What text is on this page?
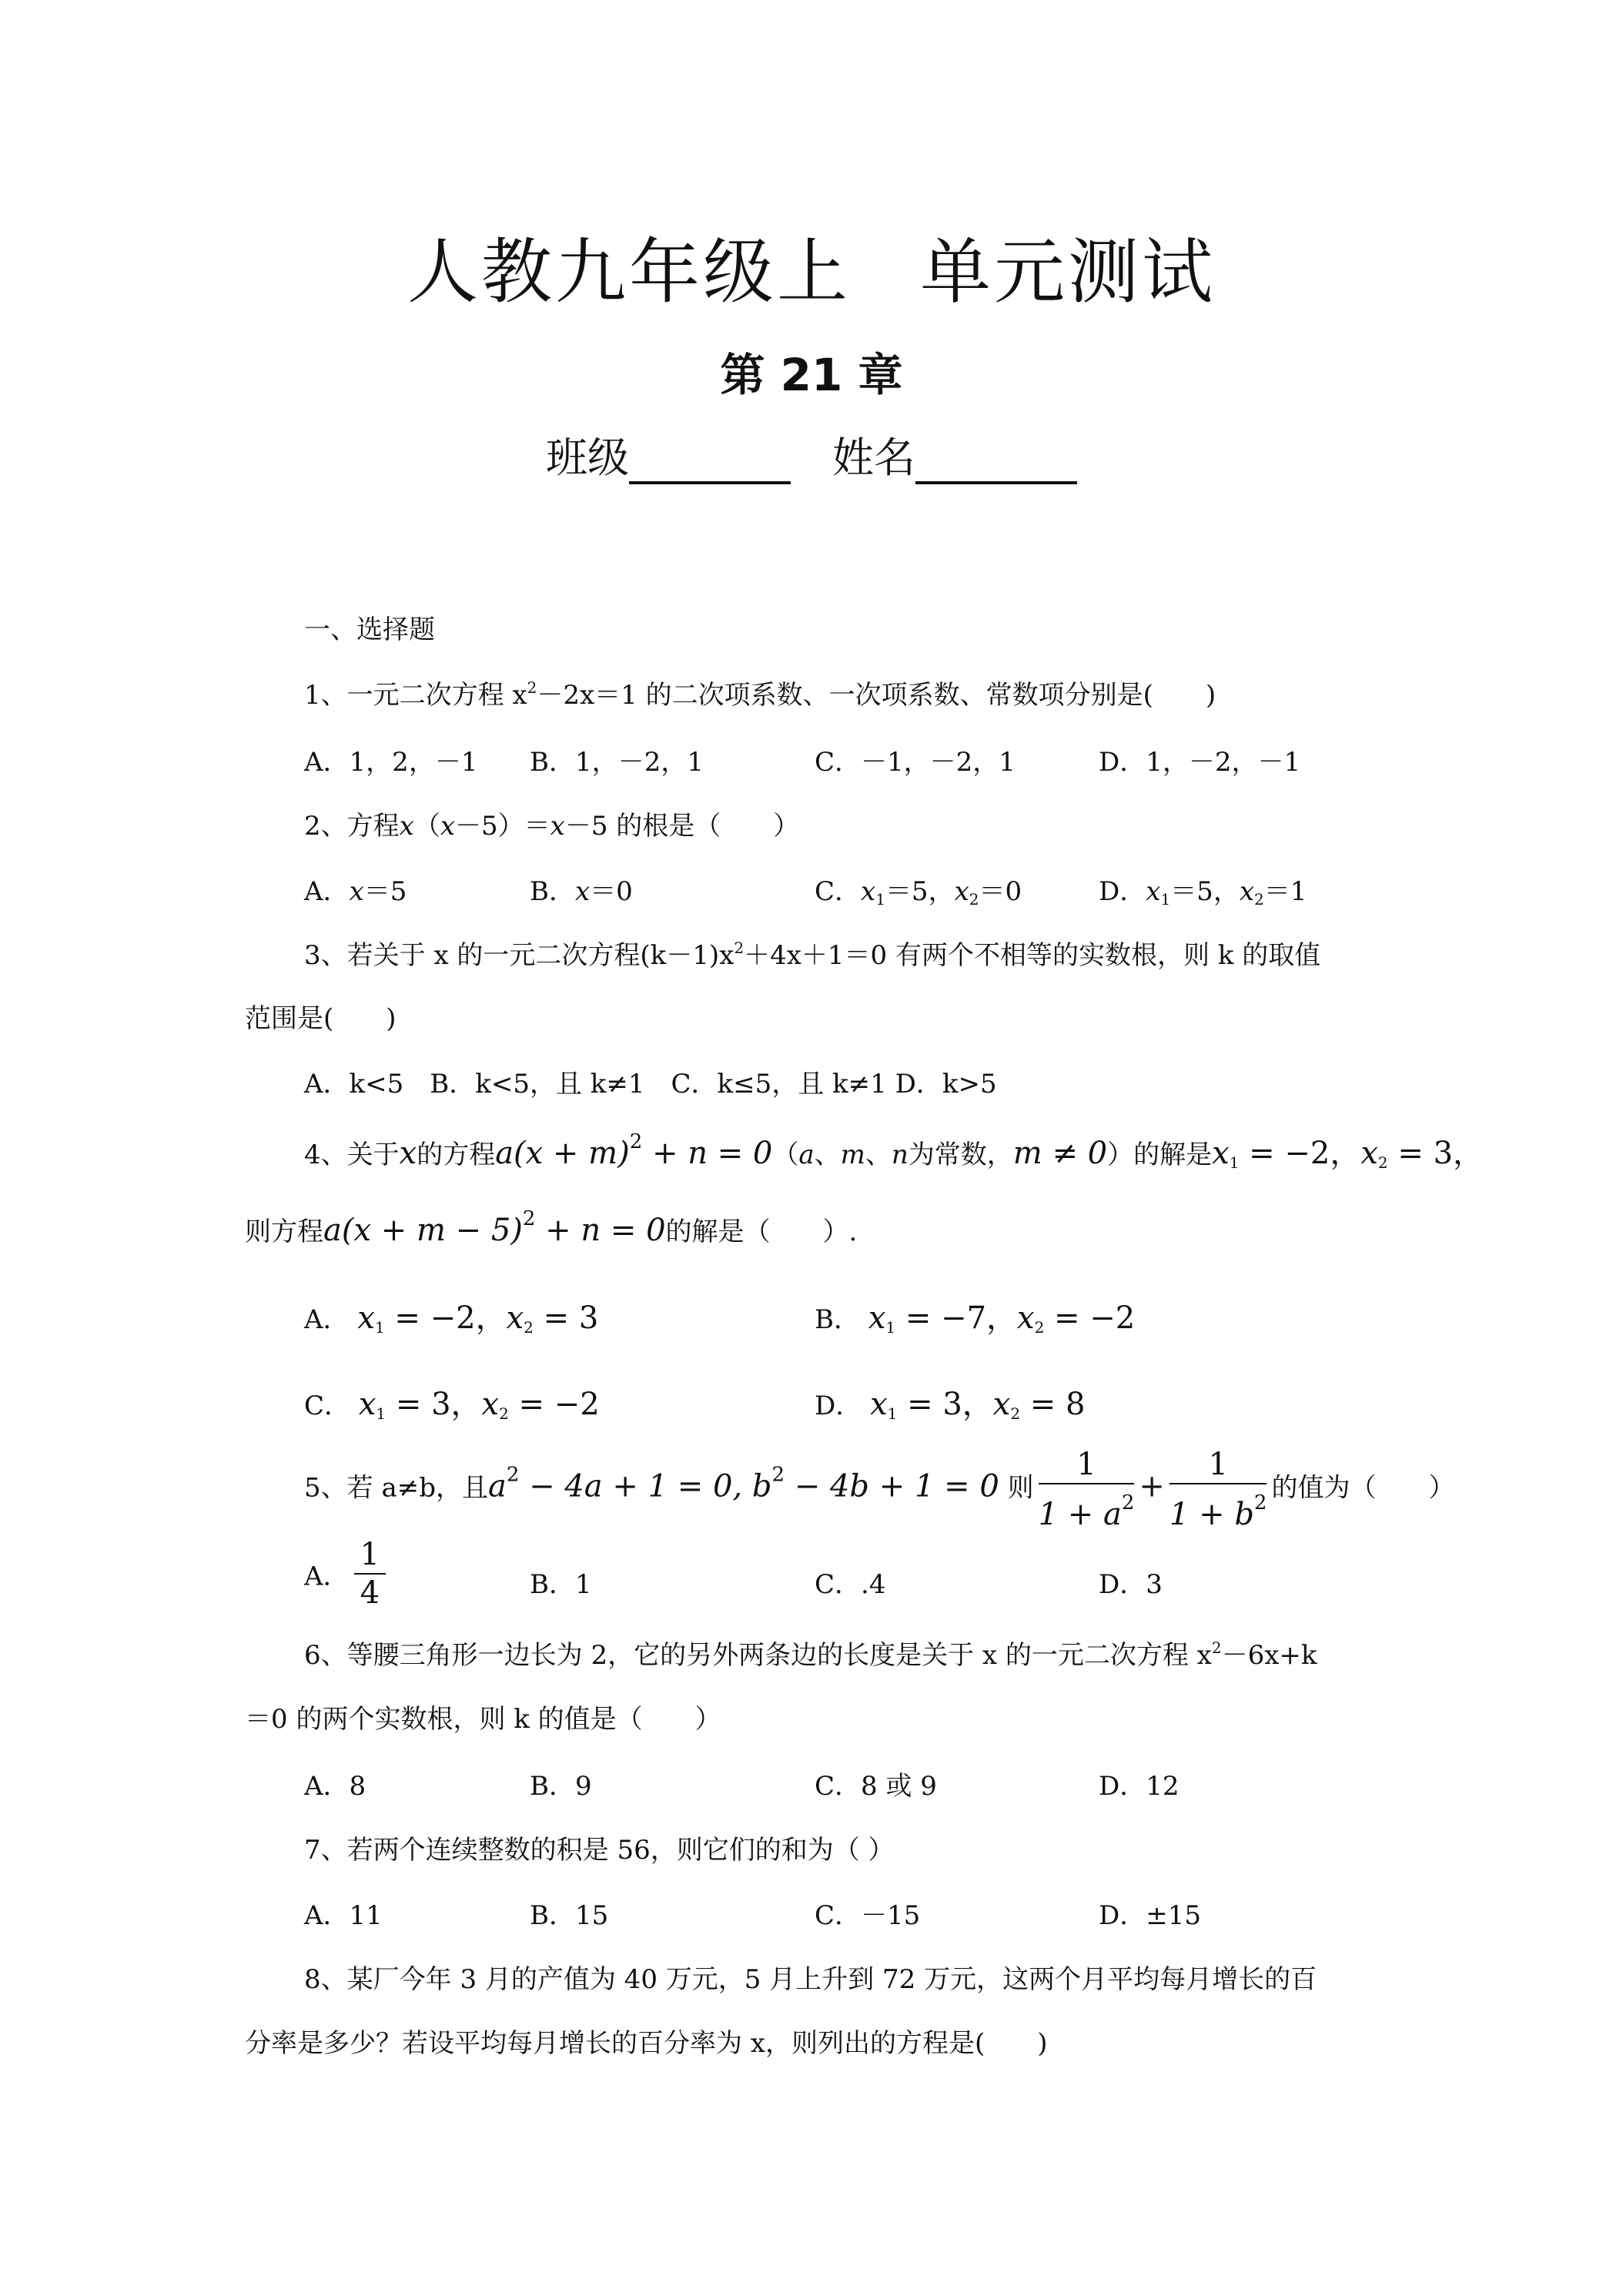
人教九年级上 单元测试
第 21 章
班级	姓名
一、选择题
1、一元二次方程 $x^2-2x=1$ 的二次项系数、一次项系数、常数项分别是(　　)
A．1，2，－1 B．1，－2，1	C．－1，－2，1	D．1，－2，－1
2、方程x（x－5）＝x－5 的根是（　　）
A．x＝5	B．x＝0	C．$x_1=5$，$x_2=0$	D．$x_1=5$，$x_2=1$
3、若关于 x 的一元二次方程$(k-1)x^2+4x+1=0$ 有两个不相等的实数根，则 k 的取值
范围是(　　)
A．k<5　B．k<5，且 k≠1　C．k≤5，且 k≠1 D．k>5
4、关于x的方程$a(x + m)^2 + n = 0(a$、m、n为常数，m ≠ 0）的解是$x_1 = -2$，$x_2 = 3$，
则方程$a(x + m - 5)^2 + n = 0$的解是（　　）.
A． $x_1 = -2$，$x_2 = 3$	B． $x_1 = -7$，$x_2 = -2$
C． $x_1 = 3$，$x_2 = -2$	D． $x_1 = 3$，$x_2 = 8$
5、若 a≠b，且$a^2 - 4a + 1 = 0$, $b^2 - 4b + 1 = 0$ 则 $\frac{1}{1 + a^2} + \frac{1}{1 + b^2}$ 的值为（　　）
A． $\frac{1}{4}$	B．1	C．.4	D．3
6、等腰三角形一边长为 2，它的另外两条边的长度是关于 x 的一元二次方程 $x^2-6x+k$
＝0 的两个实数根，则 k 的值是（　　）
A．8	B．9	C．8 或 9	D．12
7、若两个连续整数的积是 56，则它们的和为（ ）
A．11	B．15	C．－15	D．±15
8、某厂今年 3 月的产值为 40 万元，5 月上升到 72 万元，这两个月平均每月增长的百
分率是多少？若设平均每月增长的百分率为 x，则列出的方程是(　　)
